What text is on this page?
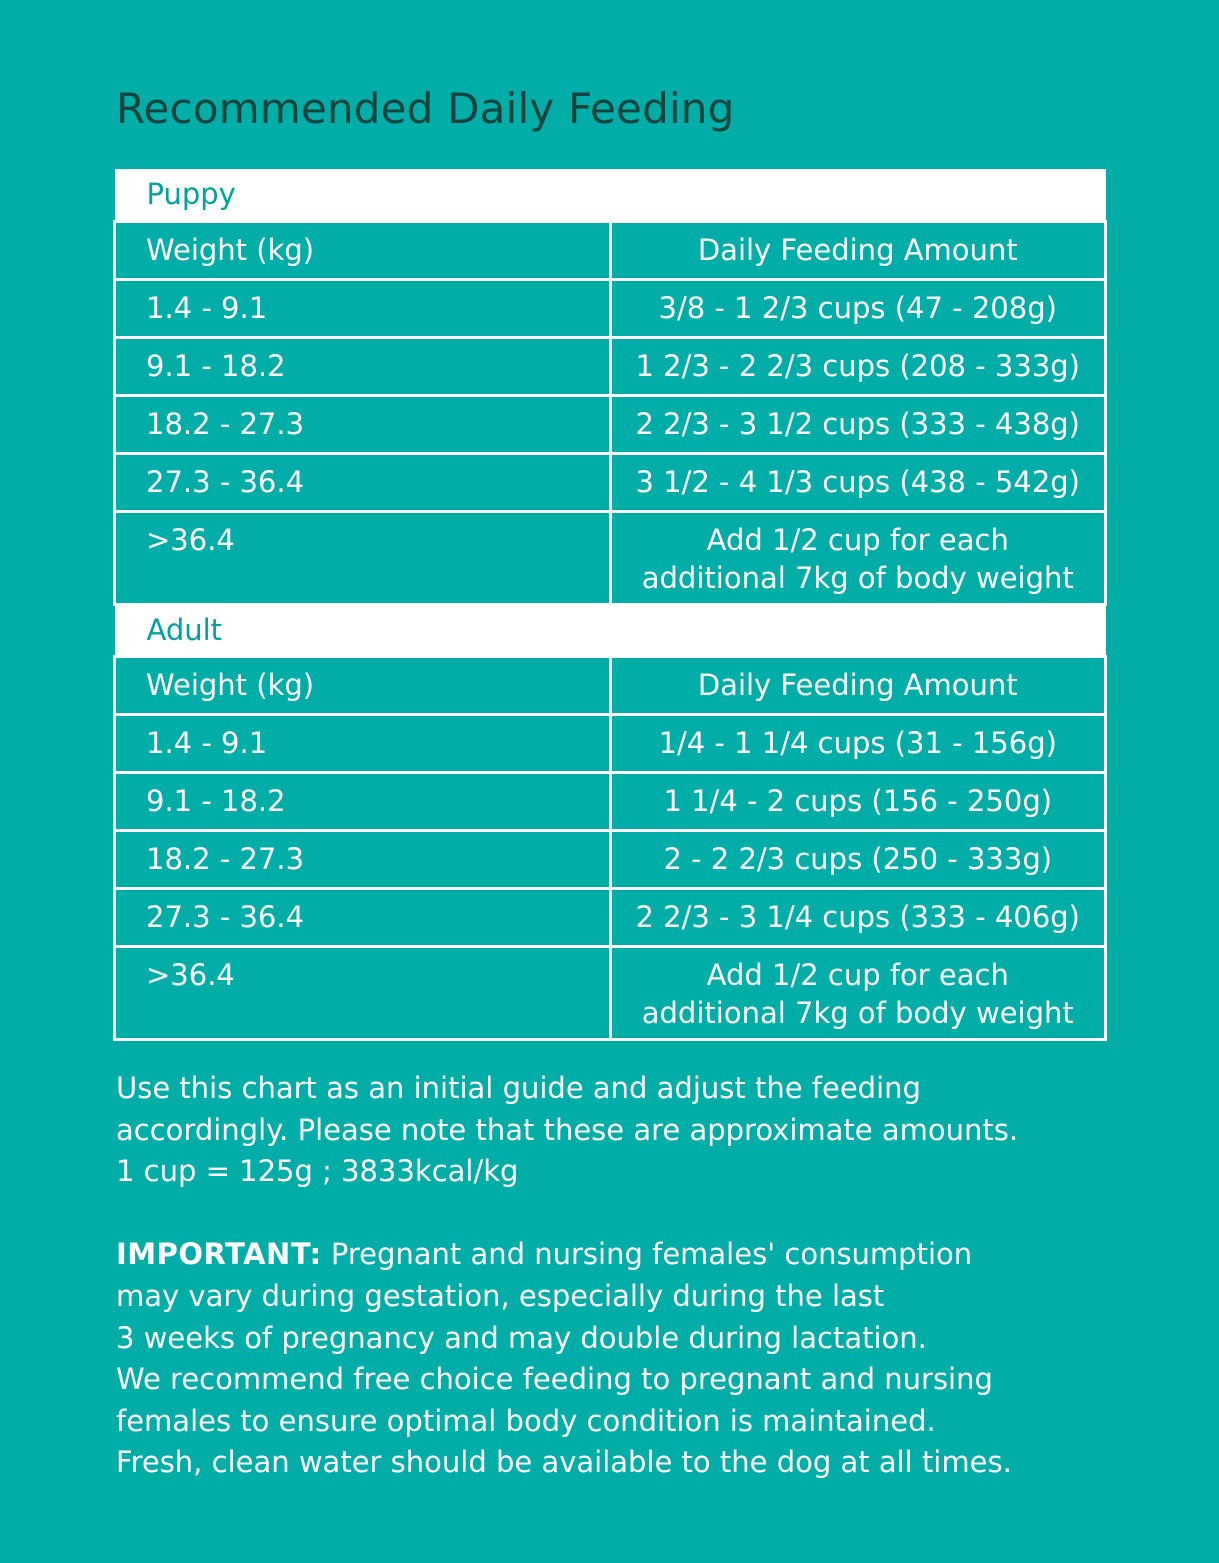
Recommended Daily Feeding
Puppy	
Weight (kg)	Daily Feeding Amount
1.4 - 9.1	3/8 - 1 2/3 cups (47 - 208g)
9.1 - 18.2	1 2/3 - 2 2/3 cups (208 - 333g)
18.2 - 27.3	2 2/3 - 3 1/2 cups (333 - 438g)
27.3 - 36.4	3 1/2 - 4 1/3 cups (438 - 542g)
>36.4	Add 1/2 cup for each
additional 7kg of body weight

Adult	
Weight (kg)	Daily Feeding Amount
1.4 - 9.1	1/4 - 1 1/4 cups (31 - 156g)
9.1 - 18.2	1 1/4 - 2 cups (156 - 250g)
18.2 - 27.3	2 - 2 2/3 cups (250 - 333g)
27.3 - 36.4	2 2/3 - 3 1/4 cups (333 - 406g)
>36.4	Add 1/2 cup for each
additional 7kg of body weight

Use this chart as an initial guide and adjust the feeding

accordingly. Please note that these are approximate amounts.

1 cup = 125g ; 3833kcal/kg

IMPORTANT: Pregnant and nursing females' consumption

may vary during gestation, especially during the last

3 weeks of pregnancy and may double during lactation.

We recommend free choice feeding to pregnant and nursing

females to ensure optimal body condition is maintained.

Fresh, clean water should be available to the dog at all times.
